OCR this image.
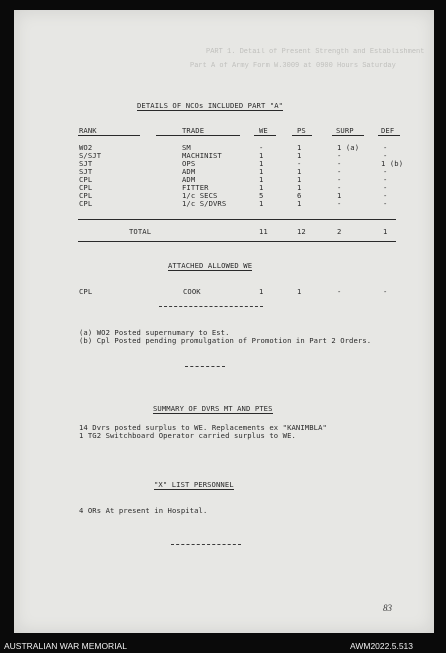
PART 1. Detail of Present Strength and Establishment
Part A of Army Form W.3009 at 0900 Hours Saturday
DETAILS OF NCOs INCLUDED PART "A"
RANK	TRADE	WE	PS	SURP	DEF
WO2	SM	-	1	1 (a)	-
S/SJT	MACHINIST	1	1	-	-
SJT	OPS	1	-	-	1 (b)
SJT	ADM	1	1	-	-
CPL	ADM	1	1	-	-
CPL	FITTER	1	1	-	-
CPL	1/c SECS	5	6	1	-
CPL	1/c S/DVRS	1	1	-	-
TOTAL	11	12	2	1
ATTACHED ALLOWED WE
CPL	COOK	1	1	-	-
(a) WO2 Posted supernumary to Est.
(b) Cpl Posted pending promulgation of Promotion in Part 2 Orders.
SUMMARY OF DVRS MT AND PTES
14 Dvrs posted surplus to WE. Replacements ex "KANIMBLA"
1 TG2 Switchboard Operator carried surplus to WE.
"X" LIST PERSONNEL
4 ORs At present in Hospital.
83
AUSTRALIAN WAR MEMORIAL	AWM2022.5.513
